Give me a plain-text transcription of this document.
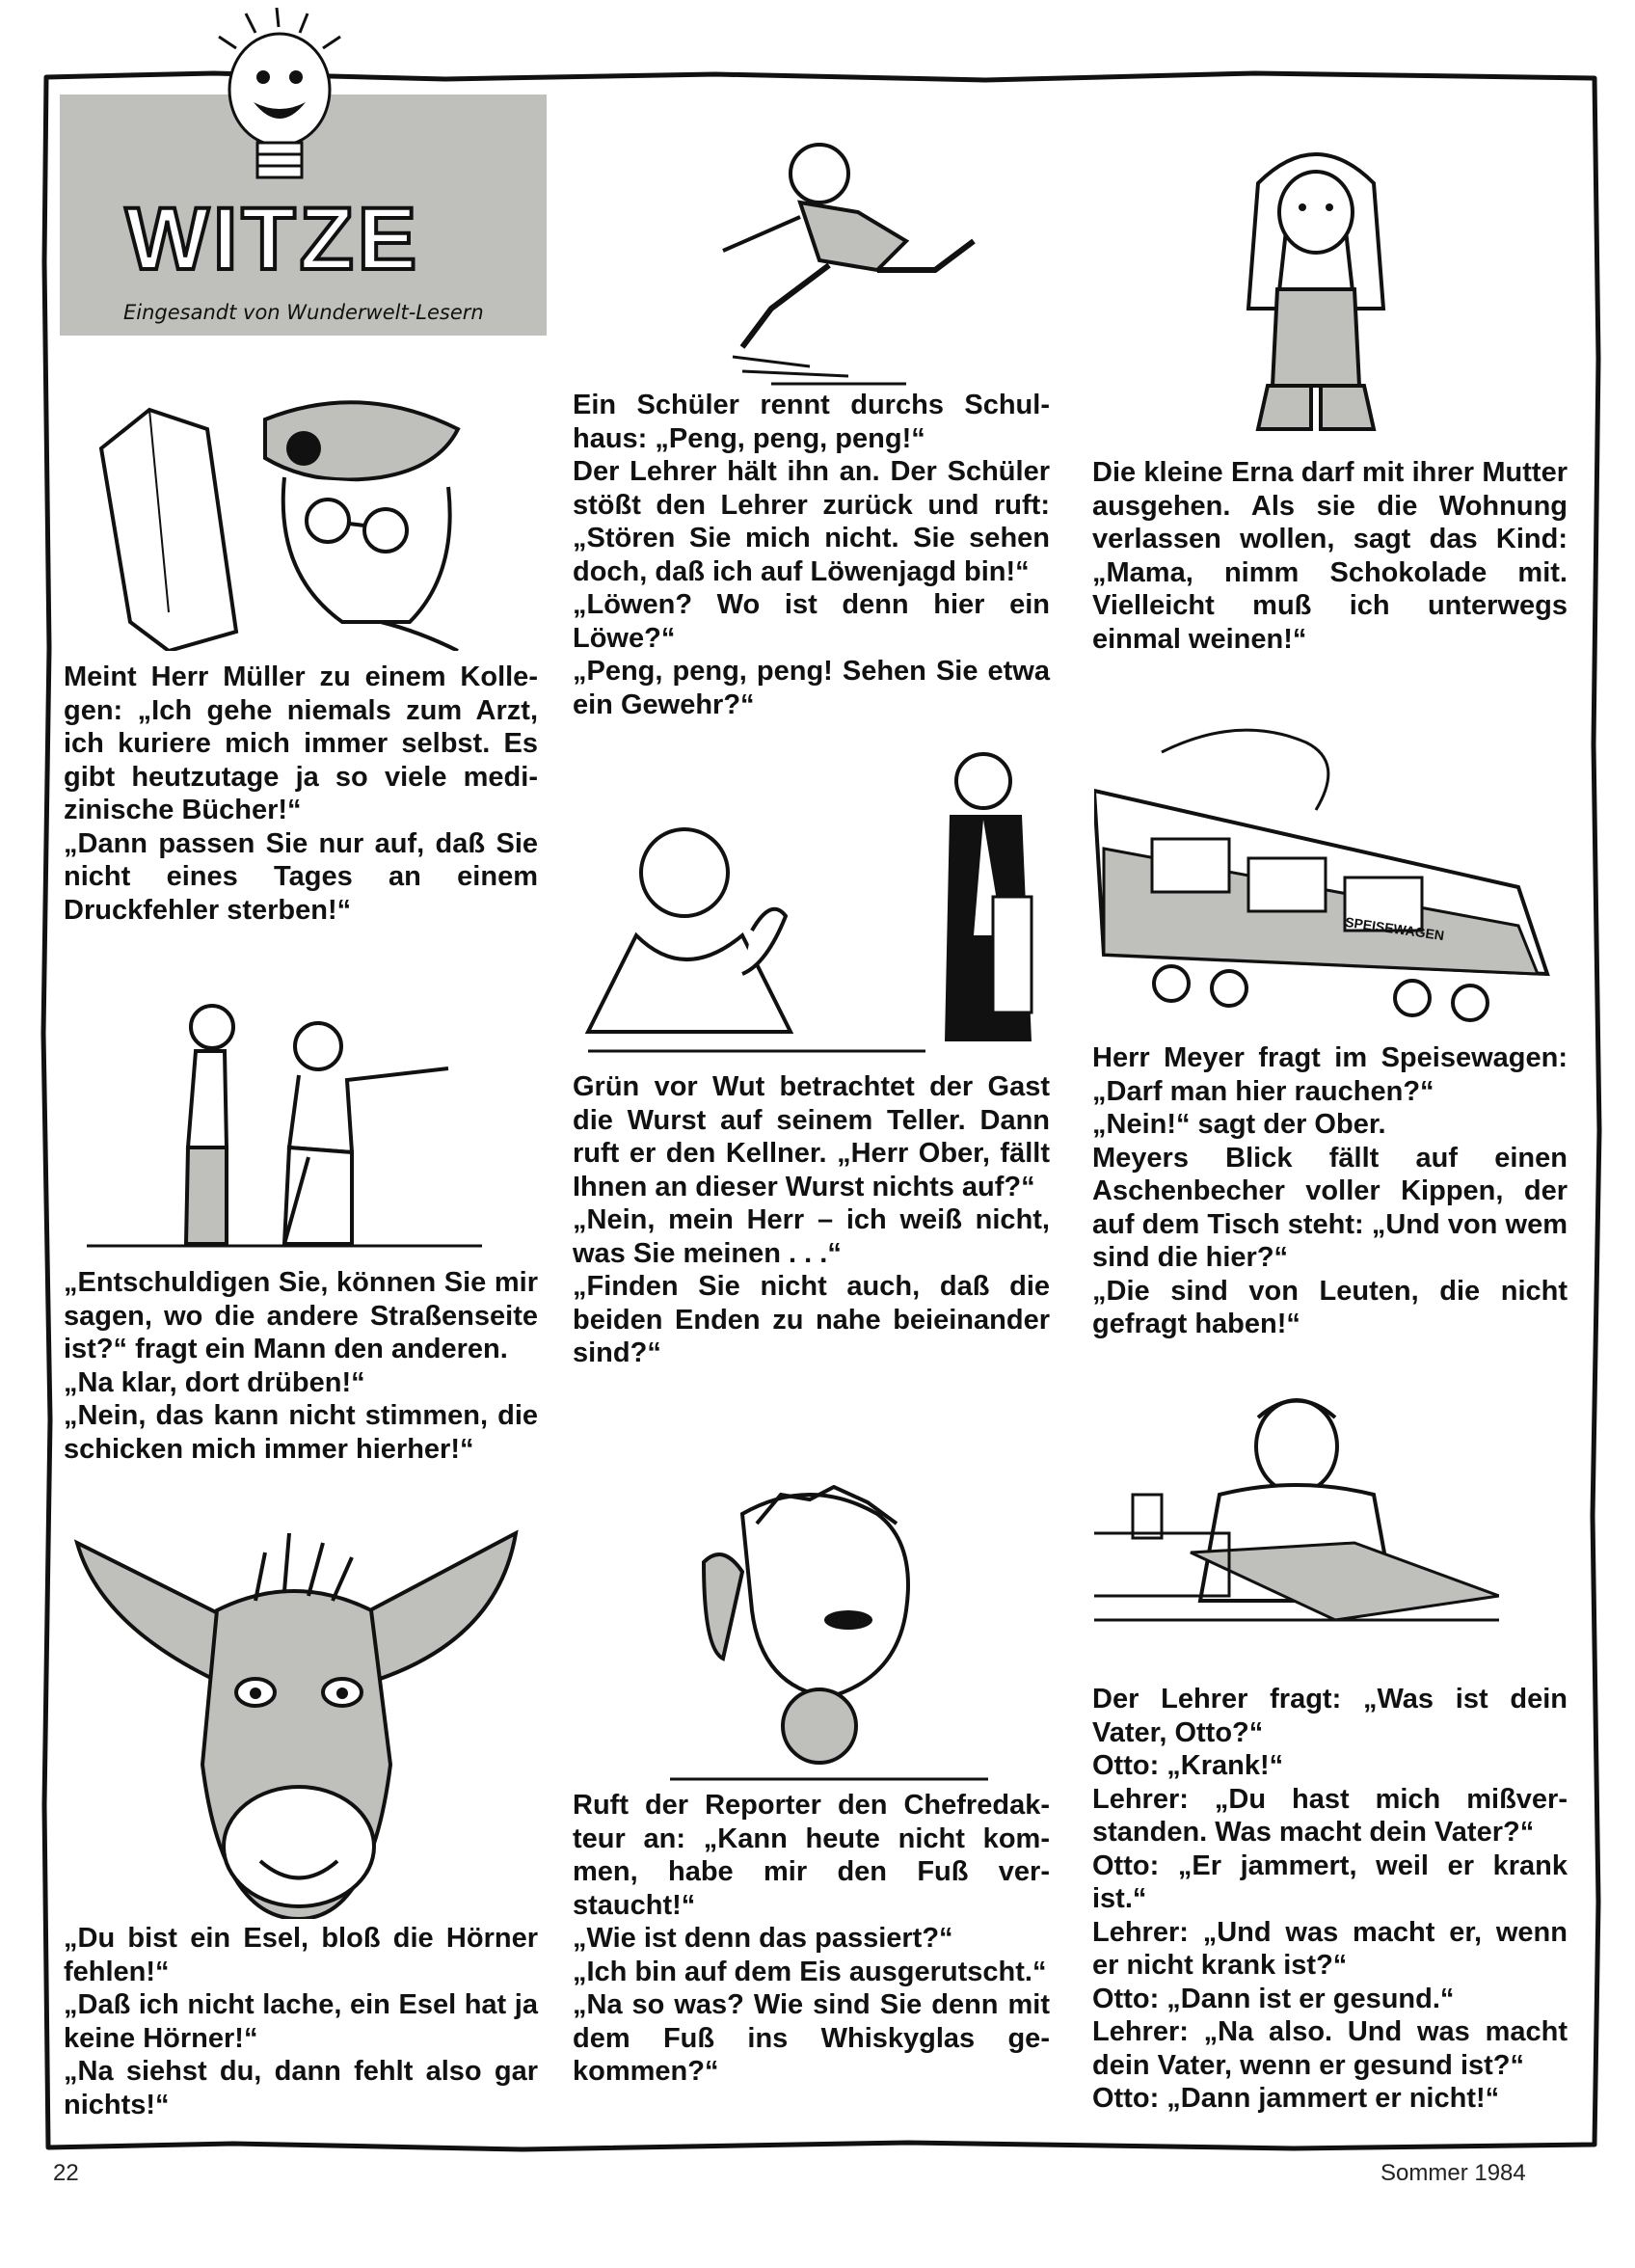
WITZE
Eingesandt von Wunderwelt-Lesern
SPEISEWAGEN

Meint Herr Müller zu einem Kollegen: „Ich gehe niemals zum Arzt, ich kuriere mich immer selbst. Es gibt heutzutage ja so viele medizinische Bücher!“

„Dann passen Sie nur auf, daß Sie nicht eines Tages an einem Druckfehler sterben!“

„Entschuldigen Sie, können Sie mir sagen, wo die andere Straßenseite ist?“ fragt ein Mann den anderen.

„Na klar, dort drüben!“

„Nein, das kann nicht stimmen, die schicken mich immer hierher!“

„Du bist ein Esel, bloß die Hörner fehlen!“

„Daß ich nicht lache, ein Esel hat ja keine Hörner!“

„Na siehst du, dann fehlt also gar nichts!“

Ein Schüler rennt durchs Schulhaus: „Peng, peng, peng!“

Der Lehrer hält ihn an. Der Schüler stößt den Lehrer zurück und ruft: „Stören Sie mich nicht. Sie sehen doch, daß ich auf Löwenjagd bin!“

„Löwen? Wo ist denn hier ein Löwe?“

„Peng, peng, peng! Sehen Sie etwa ein Gewehr?“

Grün vor Wut betrachtet der Gast die Wurst auf seinem Teller. Dann ruft er den Kellner. „Herr Ober, fällt Ihnen an dieser Wurst nichts auf?“

„Nein, mein Herr – ich weiß nicht, was Sie meinen . . .“

„Finden Sie nicht auch, daß die beiden Enden zu nahe beieinander sind?“

Ruft der Reporter den Chefredakteur an: „Kann heute nicht kommen, habe mir den Fuß verstaucht!“

„Wie ist denn das passiert?“

„Ich bin auf dem Eis ausgerutscht.“

„Na so was? Wie sind Sie denn mit dem Fuß ins Whiskyglas gekommen?“

Die kleine Erna darf mit ihrer Mutter ausgehen. Als sie die Wohnung verlassen wollen, sagt das Kind: „Mama, nimm Schokolade mit. Vielleicht muß ich unterwegs einmal weinen!“

Herr Meyer fragt im Speisewagen: „Darf man hier rauchen?“

„Nein!“ sagt der Ober.

Meyers Blick fällt auf einen Aschenbecher voller Kippen, der auf dem Tisch steht: „Und von wem sind die hier?“

„Die sind von Leuten, die nicht gefragt haben!“

Der Lehrer fragt: „Was ist dein Vater, Otto?“

Otto: „Krank!“

Lehrer: „Du hast mich mißverstanden. Was macht dein Vater?“

Otto: „Er jammert, weil er krank ist.“

Lehrer: „Und was macht er, wenn er nicht krank ist?“

Otto: „Dann ist er gesund.“

Lehrer: „Na also. Und was macht dein Vater, wenn er gesund ist?“

Otto: „Dann jammert er nicht!“

22	Sommer 1984
